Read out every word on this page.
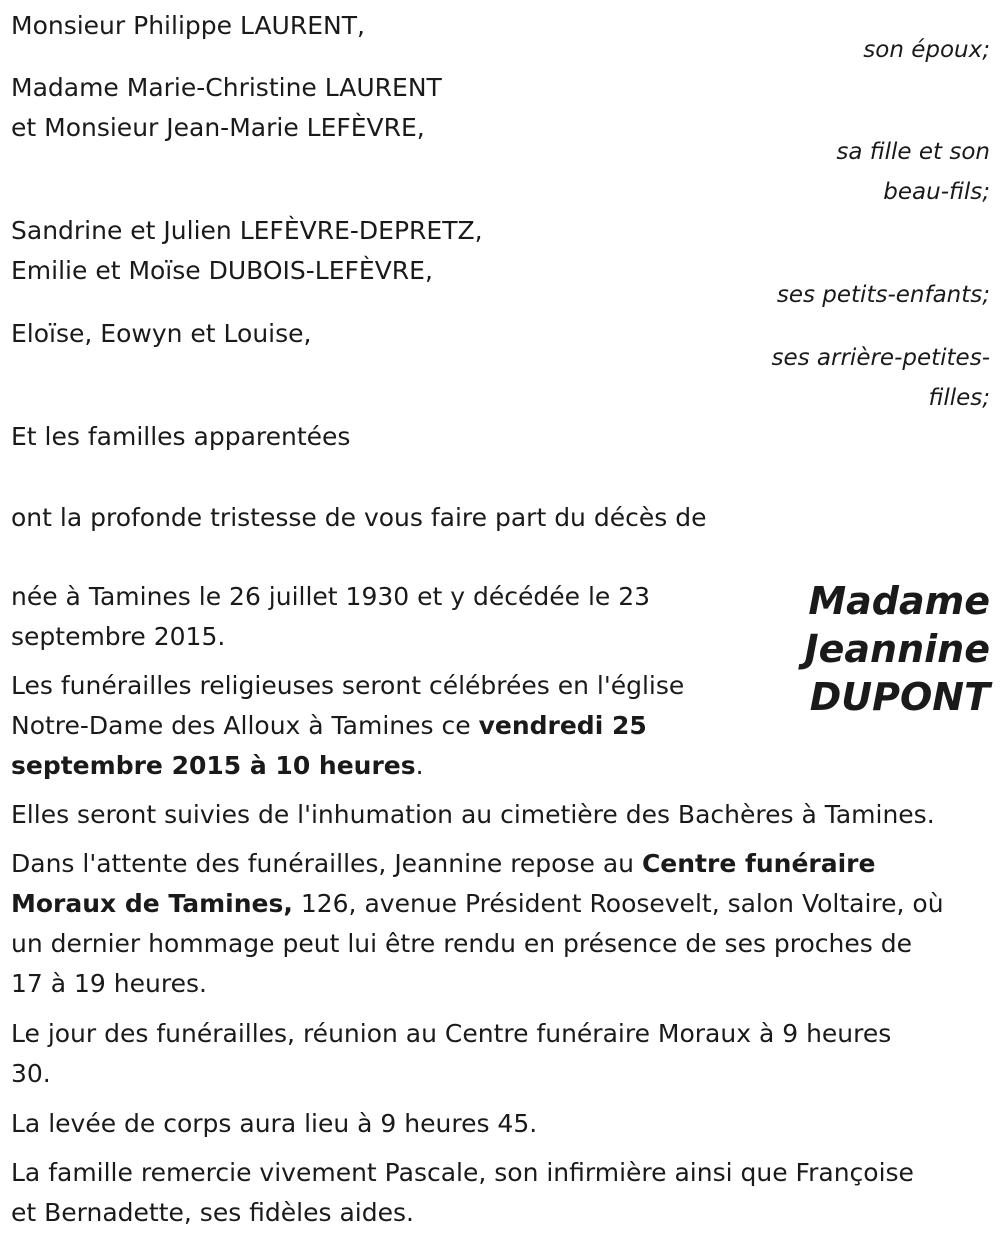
Monsieur Philippe LAURENT,
son époux;
Madame Marie-Christine LAURENT
et Monsieur Jean-Marie LEFÈVRE,
sa fille et son
beau-fils;
Sandrine et Julien LEFÈVRE-DEPRETZ,
Emilie et Moïse DUBOIS-LEFÈVRE,
ses petits-enfants;
Eloïse, Eowyn et Louise,
ses arrière-petites-
filles;
Et les familles apparentées
ont la profonde tristesse de vous faire part du décès de
Madame
Jeannine
DUPONT
née à Tamines le 26 juillet 1930 et y décédée le 23
septembre 2015.
Les funérailles religieuses seront célébrées en l'église
Notre-Dame des Alloux à Tamines ce vendredi 25
septembre 2015 à 10 heures.
Elles seront suivies de l'inhumation au cimetière des Bachères à Tamines.
Dans l'attente des funérailles, Jeannine repose au Centre funéraire
Moraux de Tamines, 126, avenue Président Roosevelt, salon Voltaire, où
un dernier hommage peut lui être rendu en présence de ses proches de
17 à 19 heures.
Le jour des funérailles, réunion au Centre funéraire Moraux à 9 heures
30.
La levée de corps aura lieu à 9 heures 45.
La famille remercie vivement Pascale, son infirmière ainsi que Françoise
et Bernadette, ses fidèles aides.
